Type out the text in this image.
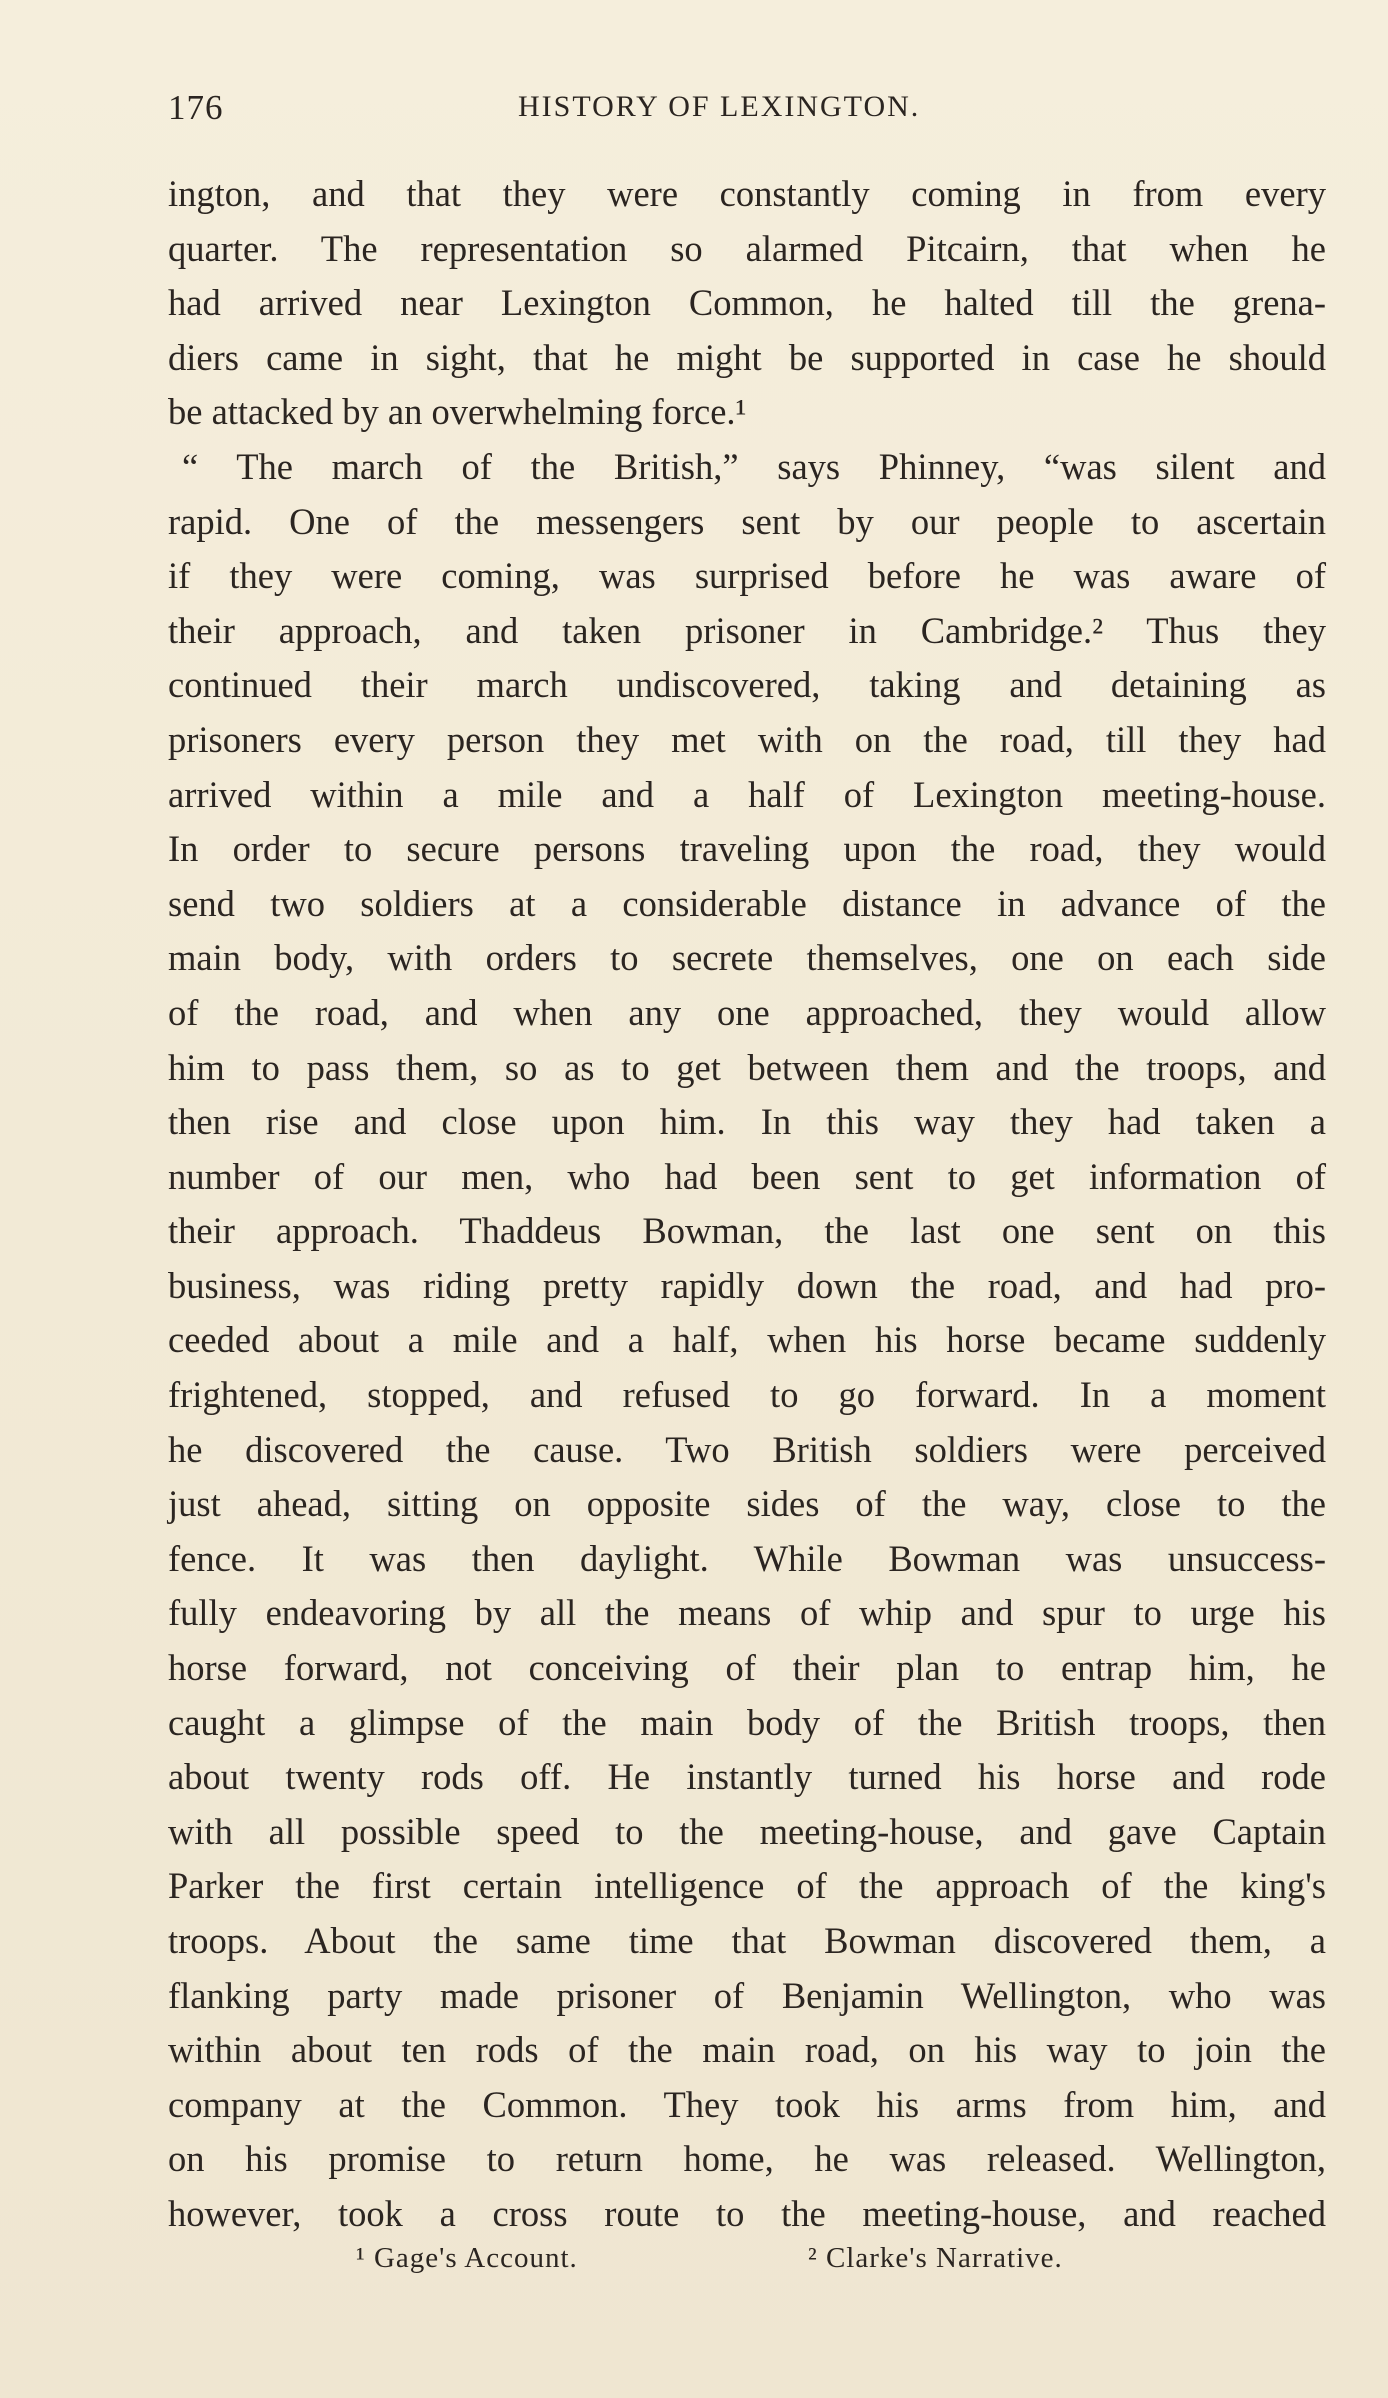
176	HISTORY OF LEXINGTON.
ington, and that they were constantly coming in from every
quarter. The representation so alarmed Pitcairn, that when he
had arrived near Lexington Common, he halted till the grena-
diers came in sight, that he might be supported in case he should
be attacked by an overwhelming force.¹
“ The march of the British,” says Phinney, “was silent and
rapid. One of the messengers sent by our people to ascertain
if they were coming, was surprised before he was aware of
their approach, and taken prisoner in Cambridge.² Thus they
continued their march undiscovered, taking and detaining as
prisoners every person they met with on the road, till they had
arrived within a mile and a half of Lexington meeting-house.
In order to secure persons traveling upon the road, they would
send two soldiers at a considerable distance in advance of the
main body, with orders to secrete themselves, one on each side
of the road, and when any one approached, they would allow
him to pass them, so as to get between them and the troops, and
then rise and close upon him. In this way they had taken a
number of our men, who had been sent to get information of
their approach. Thaddeus Bowman, the last one sent on this
business, was riding pretty rapidly down the road, and had pro-
ceeded about a mile and a half, when his horse became suddenly
frightened, stopped, and refused to go forward. In a moment
he discovered the cause. Two British soldiers were perceived
just ahead, sitting on opposite sides of the way, close to the
fence. It was then daylight. While Bowman was unsuccess-
fully endeavoring by all the means of whip and spur to urge his
horse forward, not conceiving of their plan to entrap him, he
caught a glimpse of the main body of the British troops, then
about twenty rods off. He instantly turned his horse and rode
with all possible speed to the meeting-house, and gave Captain
Parker the first certain intelligence of the approach of the king's
troops. About the same time that Bowman discovered them, a
flanking party made prisoner of Benjamin Wellington, who was
within about ten rods of the main road, on his way to join the
company at the Common. They took his arms from him, and
on his promise to return home, he was released. Wellington,
however, took a cross route to the meeting-house, and reached
¹ Gage's Account.	² Clarke's Narrative.
